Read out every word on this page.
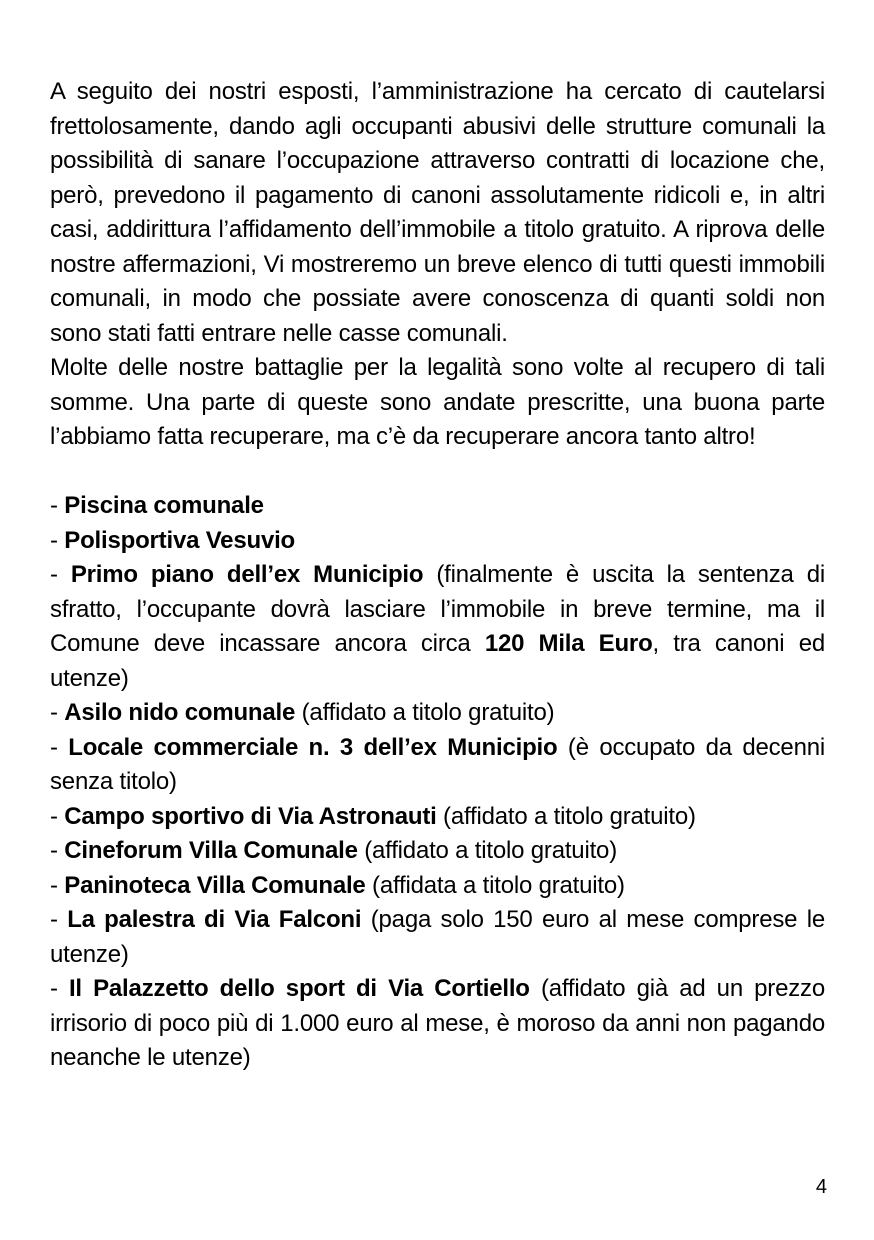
A seguito dei nostri esposti, l’amministrazione ha cercato di cautelarsi frettolosamente, dando agli occupanti abusivi delle strutture comunali la possibilità di sanare l’occupazione attraverso contratti di locazione che, però, prevedono il pagamento di canoni assolutamente ridicoli e, in altri casi, addirittura l’affidamento dell’immobile a titolo gratuito. A riprova delle nostre affermazioni, Vi mostreremo un breve elenco di tutti questi immobili comunali, in modo che possiate avere conoscenza di quanti soldi non sono stati fatti entrare nelle casse comunali.

Molte delle nostre battaglie per la legalità sono volte al recupero di tali somme. Una parte di queste sono andate prescritte, una buona parte l’abbiamo fatta recuperare, ma c’è da recuperare ancora tanto altro!

- Piscina comunale

- Polisportiva Vesuvio

- Primo piano dell’ex Municipio (finalmente è uscita la sentenza di sfratto, l’occupante dovrà lasciare l’immobile in breve termine, ma il Comune deve incassare ancora circa 120 Mila Euro, tra canoni ed utenze)

- Asilo nido comunale (affidato a titolo gratuito)

- Locale commerciale n. 3 dell’ex Municipio (è occupato da decenni senza titolo)

- Campo sportivo di Via Astronauti (affidato a titolo gratuito)

- Cineforum Villa Comunale (affidato a titolo gratuito)

- Paninoteca Villa Comunale (affidata a titolo gratuito)

- La palestra di Via Falconi (paga solo 150 euro al mese comprese le utenze)

- Il Palazzetto dello sport di Via Cortiello (affidato già ad un prezzo irrisorio di poco più di 1.000 euro al mese, è moroso da anni non pagando neanche le utenze)

4
